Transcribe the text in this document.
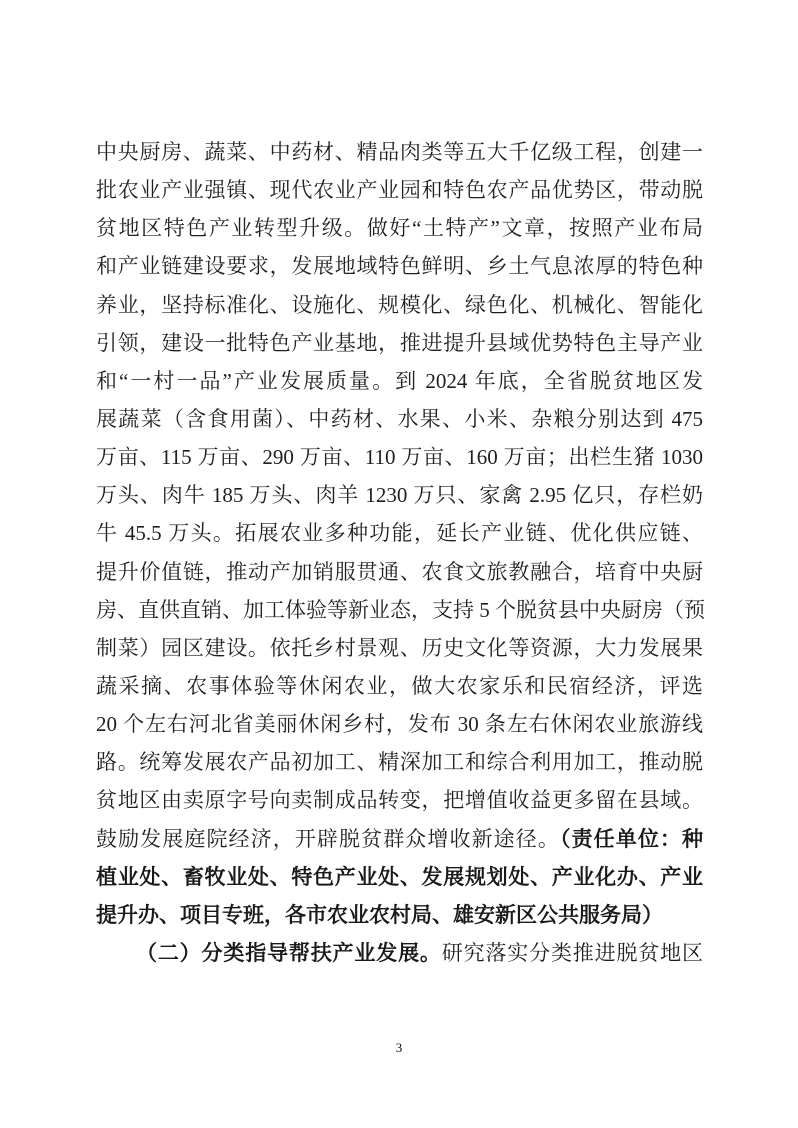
中央厨房、蔬菜、中药材、精品肉类等五大千亿级工程，创建一
批农业产业强镇、现代农业产业园和特色农产品优势区，带动脱
贫地区特色产业转型升级。做好“土特产”文章，按照产业布局
和产业链建设要求，发展地域特色鲜明、乡土气息浓厚的特色种
养业，坚持标准化、设施化、规模化、绿色化、机械化、智能化
引领，建设一批特色产业基地，推进提升县域优势特色主导产业
和“一村一品”产业发展质量。到 2024 年底，全省脱贫地区发
展蔬菜（含食用菌）、中药材、水果、小米、杂粮分别达到 475
万亩、115 万亩、290 万亩、110 万亩、160 万亩；出栏生猪 1030
万头、肉牛 185 万头、肉羊 1230 万只、家禽 2.95 亿只，存栏奶
牛 45.5 万头。拓展农业多种功能，延长产业链、优化供应链、
提升价值链，推动产加销服贯通、农食文旅教融合，培育中央厨
房、直供直销、加工体验等新业态，支持 5 个脱贫县中央厨房（预
制菜）园区建设。依托乡村景观、历史文化等资源，大力发展果
蔬采摘、农事体验等休闲农业，做大农家乐和民宿经济，评选
20 个左右河北省美丽休闲乡村，发布 30 条左右休闲农业旅游线
路。统筹发展农产品初加工、精深加工和综合利用加工，推动脱
贫地区由卖原字号向卖制成品转变，把增值收益更多留在县域。
鼓励发展庭院经济，开辟脱贫群众增收新途径。（责任单位：种
植业处、畜牧业处、特色产业处、发展规划处、产业化办、产业
提升办、项目专班，各市农业农村局、雄安新区公共服务局）
（二）分类指导帮扶产业发展。研究落实分类推进脱贫地区
3
